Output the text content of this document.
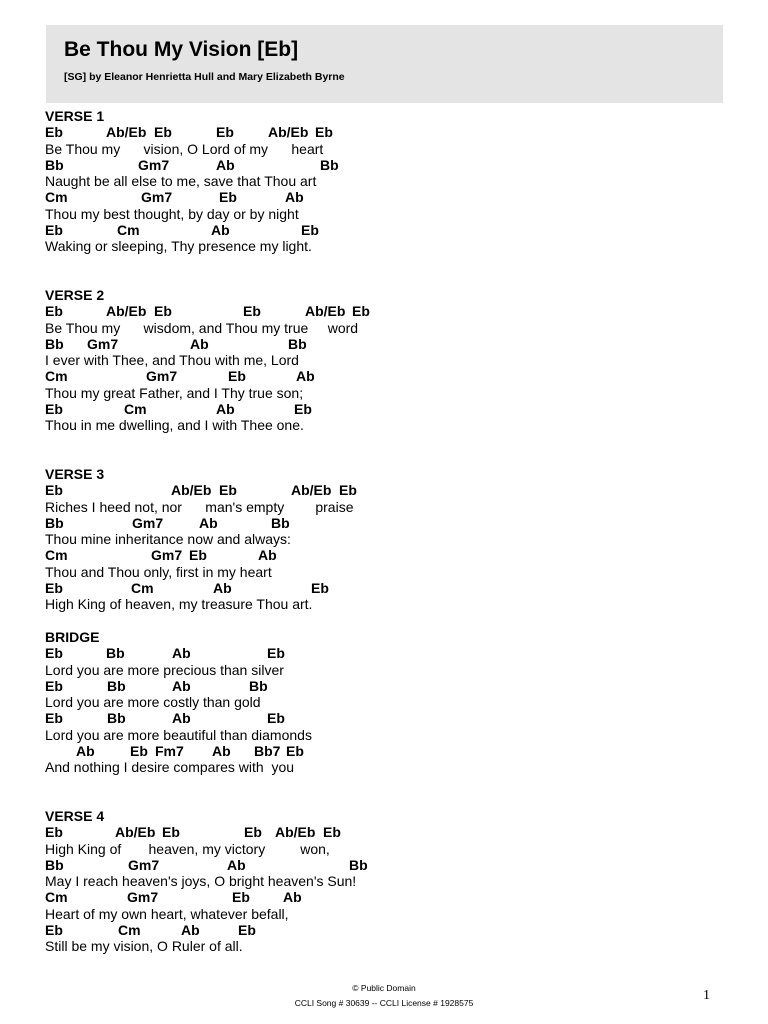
Be Thou My Vision [Eb]
[SG] by Eleanor Henrietta Hull and Mary Elizabeth Byrne
VERSE 1
Eb	Ab/Eb Eb	Eb Ab/Eb Eb
Be Thou my      vision, O Lord of my      heart
Bb	Gm7	Ab	Bb
Naught be all else to me, save that Thou art
Cm	Gm7	Eb	Ab
Thou my best thought, by day or by night
Eb	Cm	Ab	Eb
Waking or sleeping, Thy presence my light.
VERSE 2
Eb	Ab/Eb Eb	Eb	Ab/Eb Eb
Be Thou my      wisdom, and Thou my true     word
Bb Gm7	Ab	Bb
I ever with Thee, and Thou with me, Lord
Cm	Gm7	Eb	Ab
Thou my great Father, and I Thy true son;
Eb	Cm	Ab	Eb
Thou in me dwelling, and I with Thee one.
VERSE 3
Eb	Ab/Eb Eb	Ab/Eb Eb
Riches I heed not, nor      man's empty        praise
Bb	Gm7	Ab	Bb
Thou mine inheritance now and always:
Cm	Gm7 Eb	Ab
Thou and Thou only, first in my heart
Eb	Cm	Ab	Eb
High King of heaven, my treasure Thou art.
BRIDGE
Eb	Bb	Ab	Eb
Lord you are more precious than silver
Eb	Bb	Ab	Bb
Lord you are more costly than gold
Eb	Bb	Ab	Eb
Lord you are more beautiful than diamonds
Ab	Eb Fm7 Ab Bb7 Eb
And nothing I desire compares with  you
VERSE 4
Eb	Ab/Eb Eb	Eb Ab/Eb Eb
High King of       heaven, my victory         won,
Bb	Gm7	Ab	Bb
May I reach heaven's joys, O bright heaven's Sun!
Cm	Gm7	Eb Ab
Heart of my own heart, whatever befall,
Eb	Cm	Ab	Eb
Still be my vision, O Ruler of all.
© Public Domain
CCLI Song # 30639 -- CCLI License # 1928575	1
